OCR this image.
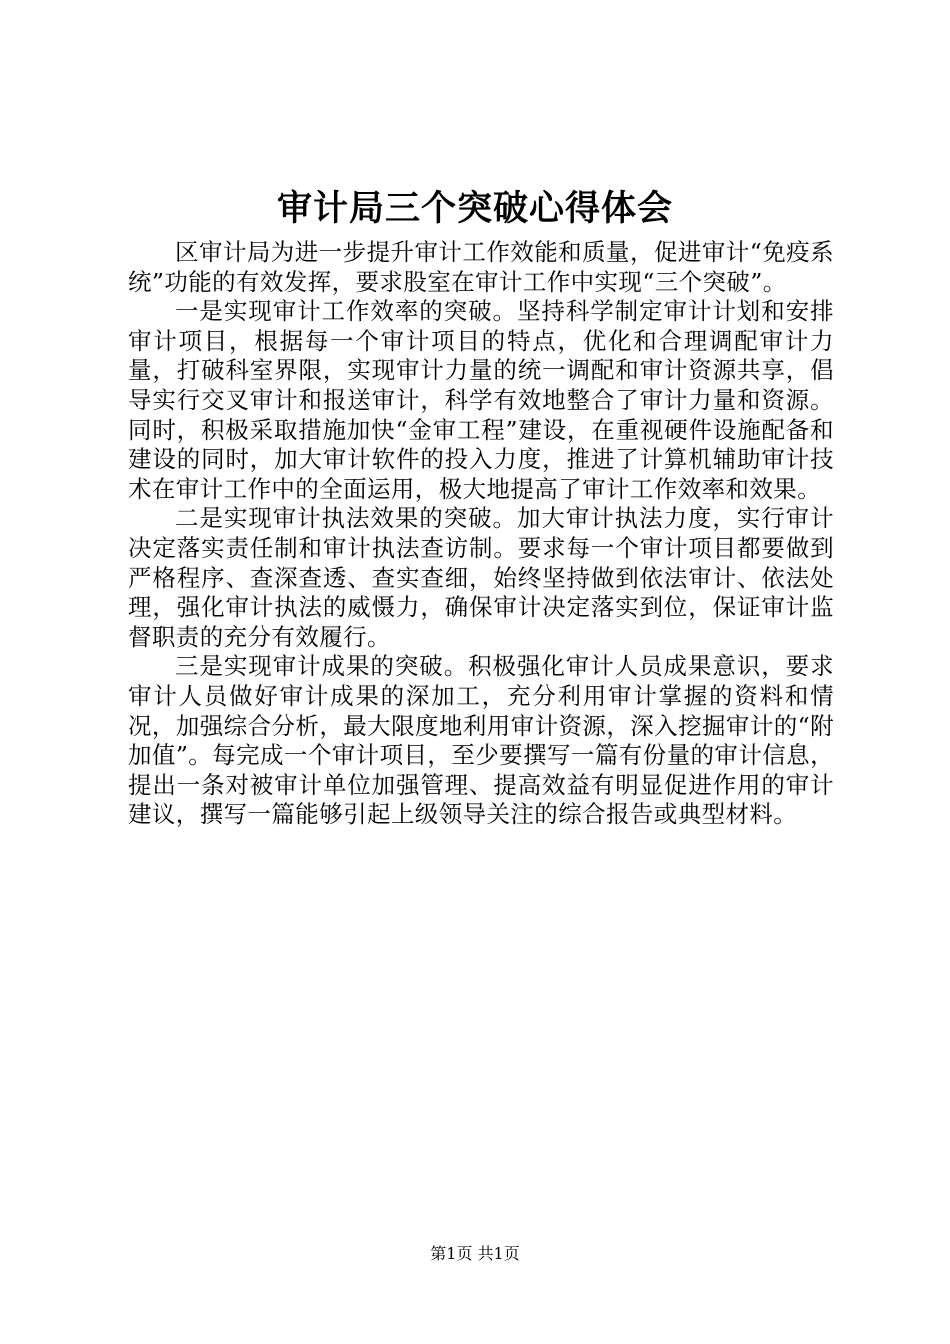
审计局三个突破心得体会

区审计局为进一步提升审计工作效能和质量，促进审计“免疫系统”功能的有效发挥，要求股室在审计工作中实现“三个突破”。

一是实现审计工作效率的突破。坚持科学制定审计计划和安排审计项目，根据每一个审计项目的特点，优化和合理调配审计力量，打破科室界限，实现审计力量的统一调配和审计资源共享，倡导实行交叉审计和报送审计，科学有效地整合了审计力量和资源。同时，积极采取措施加快“金审工程”建设，在重视硬件设施配备和建设的同时，加大审计软件的投入力度，推进了计算机辅助审计技术在审计工作中的全面运用，极大地提高了审计工作效率和效果。

二是实现审计执法效果的突破。加大审计执法力度，实行审计决定落实责任制和审计执法查访制。要求每一个审计项目都要做到严格程序、查深查透、查实查细，始终坚持做到依法审计、依法处理，强化审计执法的威慑力，确保审计决定落实到位，保证审计监督职责的充分有效履行。

三是实现审计成果的突破。积极强化审计人员成果意识，要求审计人员做好审计成果的深加工，充分利用审计掌握的资料和情况，加强综合分析，最大限度地利用审计资源，深入挖掘审计的“附加值”。每完成一个审计项目，至少要撰写一篇有份量的审计信息，提出一条对被审计单位加强管理、提高效益有明显促进作用的审计建议，撰写一篇能够引起上级领导关注的综合报告或典型材料。

第1页 共1页
